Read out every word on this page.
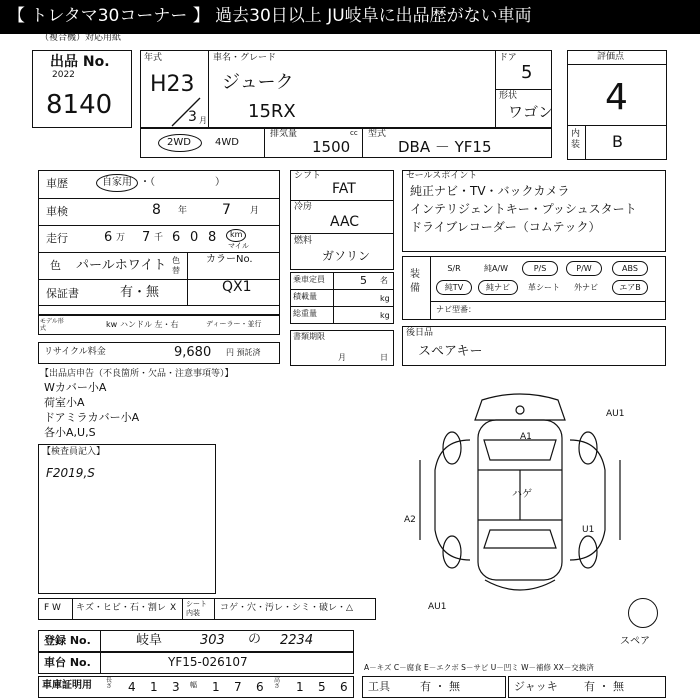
【 トレタマ30コーナー 】 過去30日以上 JU岐阜に出品歴がない車両
（複合機）対応用紙
出品 No.
2022
8140
年式
H23
3 月
車名・グレード
ジューク
15RX
ドア
5
形状
ワゴン
評価点
4
内装 B
2WD 4WD
排気量	cc
1500
型式
DBA － YF15
車歴	自家用 ・（　　　　　　）
車検	8 年 7 月
走行	6 万 7 千 6 0 8 km
マイル
色 パールホワイト 色替
カラーNo.
QX1
保証書	有・無
モデル形式	kw ハンドル 左・右	ディーラー・並行
リサイクル料金	9,680 円 預託済
シフト
FAT
冷房
AAC
燃料
ガソリン
乗車定員	5 名
積載量	kg
総重量	kg
書類期限
月	日
セールスポイント
純正ナビ・TV・バックカメラ
インテリジェントキー・プッシュスタート
ドライブレコーダー（コムテック）
装備
S/R	純A/W	P/S	P/W	ABS
純TV	純ナビ	革シート	外ナビ	エアB
ナビ型番：
後日品
スペアキー
【出品店申告（不良箇所・欠品・注意事項等）】
Wカバー小A
荷室小A
ドアミラカバー小A
各小A,U,S
【検査員記入】
F2019,S
AU1
A1
ハゲ
A2
U1
AU1
スペア
F W キズ・ヒビ・石・割レ X シート内装	コゲ・穴・汚レ・シミ・破レ・△
登録 No.	岐阜	303 の 2234
車台 No.	YF15-026107	A－キズ C－腐食 E－エクボ S－サビ U－凹ミ W－補修 XX－交換済
車庫証明用 長さ 4 1 3 幅 1 7 6 高さ 1 5 6 工具	有 ・ 無	ジャッキ 有 ・ 無
